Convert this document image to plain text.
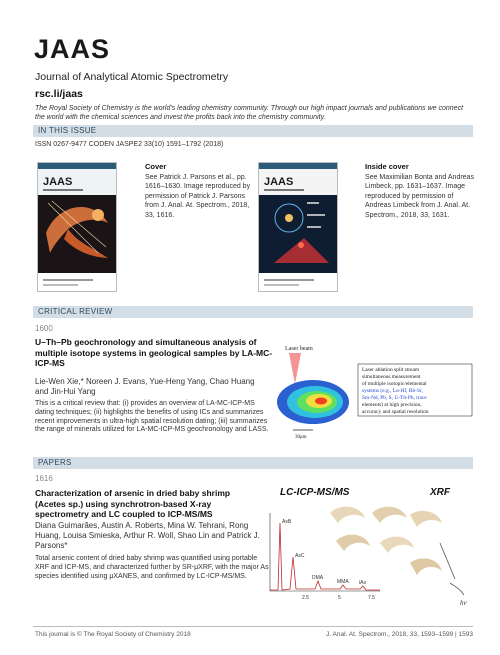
JAAS
Journal of Analytical Atomic Spectrometry
rsc.li/jaas
The Royal Society of Chemistry is the world's leading chemistry community. Through our high impact journals and publications we connect the world with the chemical sciences and invest the profits back into the chemistry community.
IN THIS ISSUE
ISSN 0267-9477 CODEN JASPE2 33(10) 1591–1792 (2018)
JAAS
Cover
See Patrick J. Parsons et al., pp. 1616–1630. Image reproduced by permission of Patrick J. Parsons from J. Anal. At. Spectrom., 2018, 33, 1616.
JAAS
Inside cover
See Maximilian Bonta and Andreas Limbeck, pp. 1631–1637. Image reproduced by permission of Andreas Limbeck from J. Anal. At. Spectrom., 2018, 33, 1631.
CRITICAL REVIEW
1600
U–Th–Pb geochronology and simultaneous analysis of multiple isotope systems in geological samples by LA-MC-ICP-MS
Lie-Wen Xie,* Noreen J. Evans, Yue-Heng Yang, Chao Huang and Jin-Hui Yang
This is a critical review that: (i) provides an overview of LA-MC-ICP-MS dating techniques; (ii) highlights the benefits of using ICs and summarizes recent improvements in ultra-high spatial resolution dating; (iii) summarizes the range of minerals utilized for LA-MC-ICP-MS geochronology and LASS.
Laser beam
30μm
Laser ablation split stream
simultaneous measurement
of multiple isotopic/elemental
systems (e.g., Lu-Hf, Rb-Sr,
Sm-Nd, Pb, S, U-Th-Pb, trace
elements) at high precision,
accuracy and spatial resolution
PAPERS
1616
Characterization of arsenic in dried baby shrimp (Acetes sp.) using synchrotron-based X-ray spectrometry and LC coupled to ICP-MS/MS
Diana Guimarães, Austin A. Roberts, Mina W. Tehrani, Rong Huang, Louisa Smieska, Arthur R. Woll, Shao Lin and Patrick J. Parsons*
Total arsenic content of dried baby shrimp was quantified using portable XRF and ICP-MS, and characterized further by SR-μXRF, with the major As species identified using μXANES, and confirmed by LC-ICP-MS/MS.
LC-ICP-MS/MS	XRF
AsB
AsC
DMA
MMA iAs
2.5	5	7.5
hv
This journal is © The Royal Society of Chemistry 2018	J. Anal. At. Spectrom., 2018, 33, 1593–1599 | 1593
